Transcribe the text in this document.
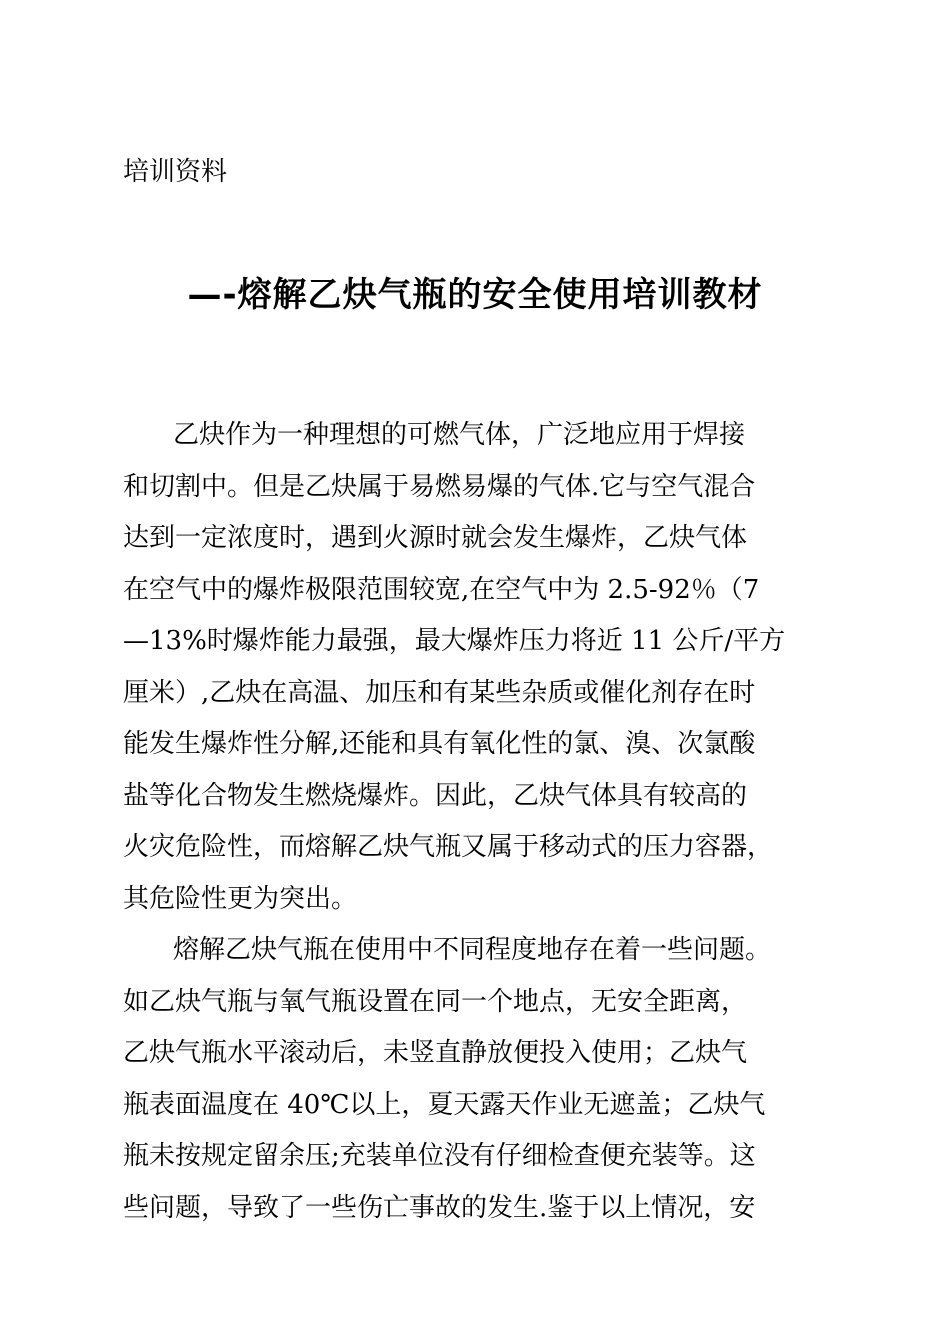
培训资料

—-熔解乙炔气瓶的安全使用培训教材

乙炔作为一种理想的可燃气体，广泛地应用于焊接
和切割中。但是乙炔属于易燃易爆的气体.它与空气混合
达到一定浓度时，遇到火源时就会发生爆炸，乙炔气体
在空气中的爆炸极限范围较宽,在空气中为 2.5-92％（7
—13%时爆炸能力最强，最大爆炸压力将近 11 公斤/平方
厘米）,乙炔在高温、加压和有某些杂质或催化剂存在时
能发生爆炸性分解,还能和具有氧化性的氯、溴、次氯酸
盐等化合物发生燃烧爆炸。因此，乙炔气体具有较高的
火灾危险性，而熔解乙炔气瓶又属于移动式的压力容器，
其危险性更为突出。

熔解乙炔气瓶在使用中不同程度地存在着一些问题。
如乙炔气瓶与氧气瓶设置在同一个地点，无安全距离，
乙炔气瓶水平滚动后，未竖直静放便投入使用；乙炔气
瓶表面温度在 40℃以上，夏天露天作业无遮盖；乙炔气
瓶未按规定留余压;充装单位没有仔细检查便充装等。这
些问题，导致了一些伤亡事故的发生.鉴于以上情况，安
